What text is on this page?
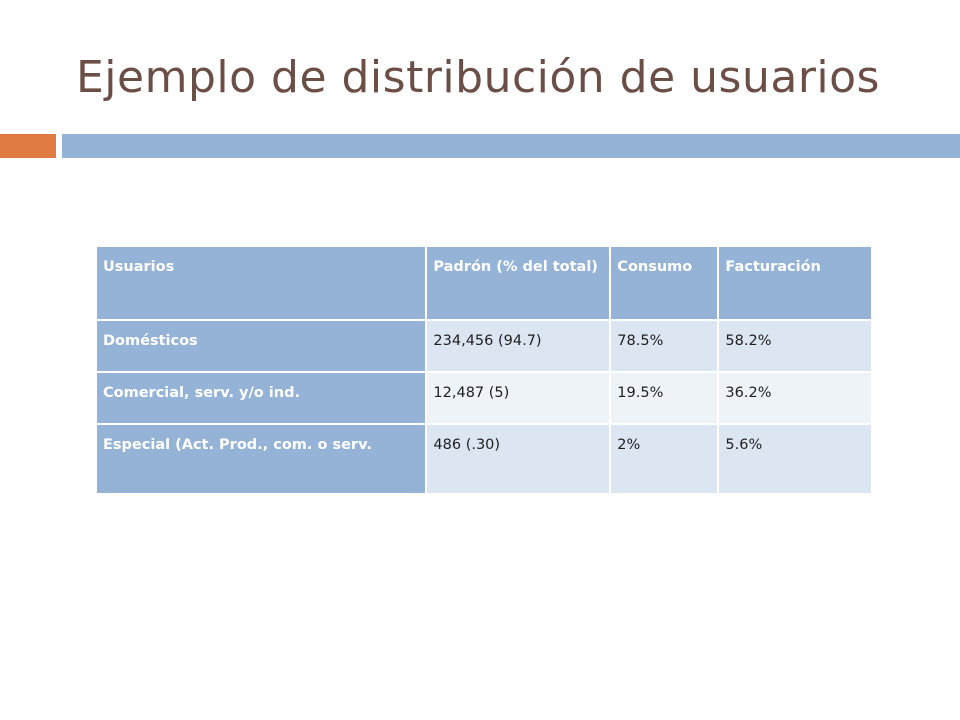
Ejemplo de distribución de usuarios
Usuarios	Padrón (% del total)	Consumo	Facturación
Domésticos	234,456 (94.7)	78.5%	58.2%
Comercial, serv. y/o ind.	12,487 (5)	19.5%	36.2%
Especial (Act. Prod., com. o serv.	486 (.30)	2%	5.6%
